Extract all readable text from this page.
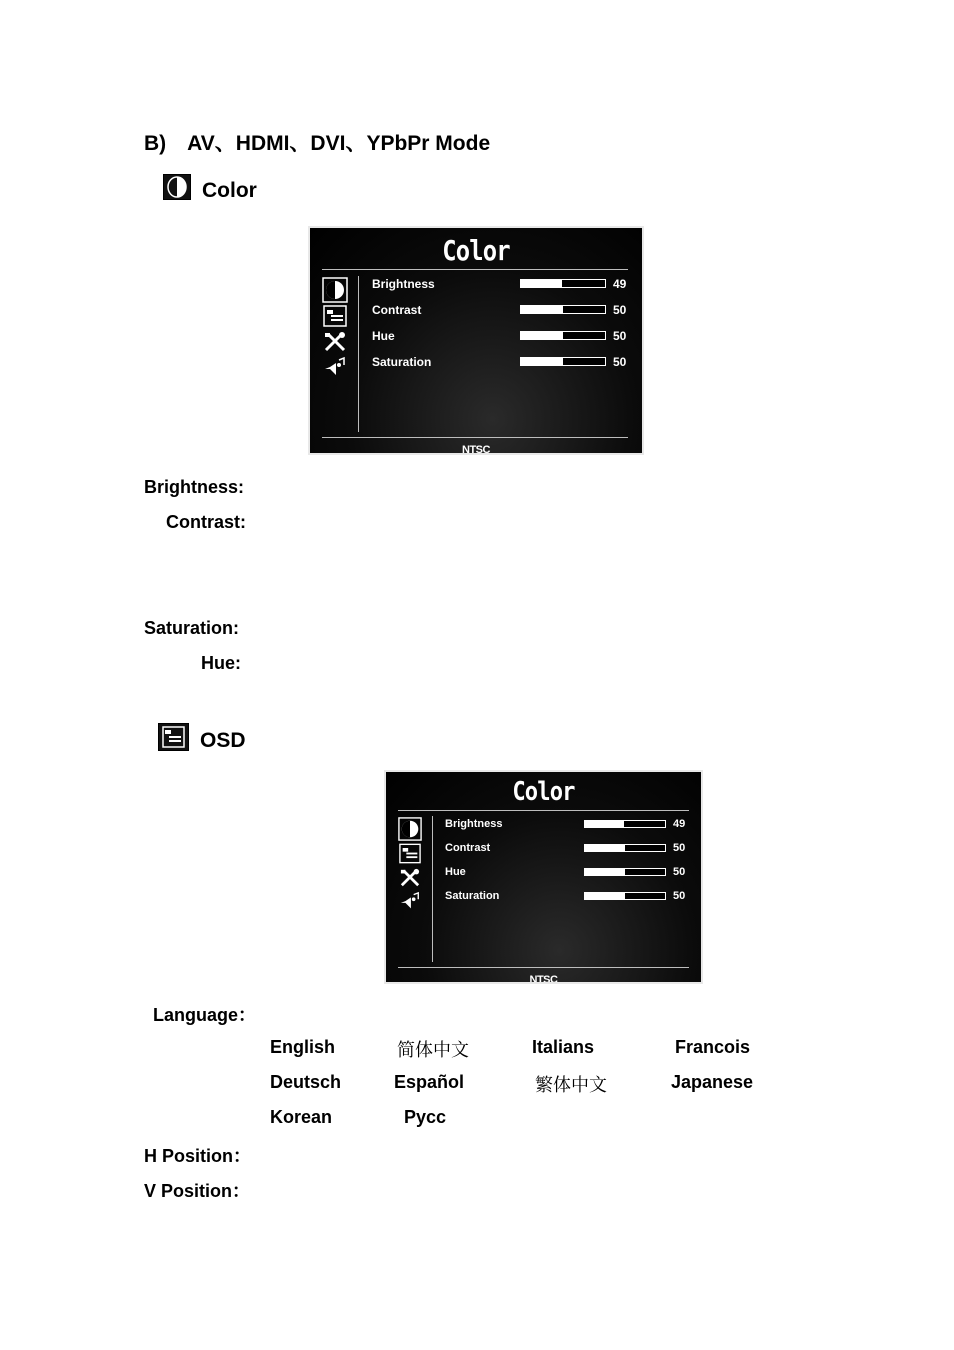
B)　AV、HDMI、DVI、YPbPr Mode
Color
Color
Brightness	49
Contrast	50
Hue	50
Saturation	50
NTSC
Brightness:
Contrast:
Saturation:
Hue:
OSD
Color
Brightness	49
Contrast	50
Hue	50
Saturation	50
NTSC
Language：
English	简体中文	Italians	Francois
Deutsch	Español	繁体中文	Japanese
Korean	Pycc
H Position：
V Position：
